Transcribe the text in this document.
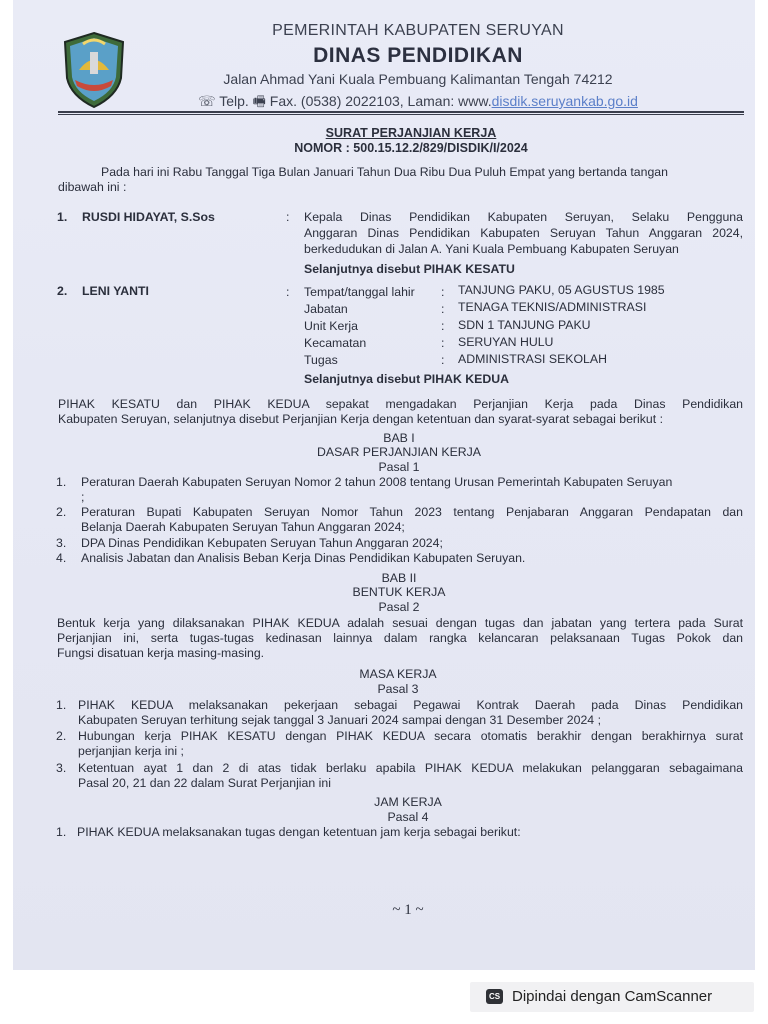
PEMERINTAH KABUPATEN SERUYAN
DINAS PENDIDIKAN
Jalan Ahmad Yani Kuala Pembuang Kalimantan Tengah 74212
☏ Telp. 🖷 Fax. (0538) 2022103, Laman: www.disdik.seruyankab.go.id
SURAT PERJANJIAN KERJA
NOMOR : 500.15.12.2/829/DISDIK/I/2024
Pada hari ini Rabu Tanggal Tiga Bulan Januari Tahun Dua Ribu Dua Puluh Empat yang bertanda tangan
dibawah ini :
1. RUSDI HIDAYAT, S.Sos	: Kepala Dinas Pendidikan Kabupaten Seruyan, Selaku Pengguna
Anggaran Dinas Pendidikan Kabupaten Seruyan Tahun Anggaran 2024,
berkedudukan di Jalan A. Yani Kuala Pembuang Kabupaten Seruyan
Selanjutnya disebut PIHAK KESATU
2. LENI YANTI	: Tempat/tanggal lahir : TANJUNG PAKU, 05 AGUSTUS 1985
Jabatan	: TENAGA TEKNIS/ADMINISTRASI
Unit Kerja	: SDN 1 TANJUNG PAKU
Kecamatan	: SERUYAN HULU
Tugas	: ADMINISTRASI SEKOLAH
Selanjutnya disebut PIHAK KEDUA
PIHAK KESATU dan PIHAK KEDUA sepakat mengadakan Perjanjian Kerja pada Dinas Pendidikan
Kabupaten Seruyan, selanjutnya disebut Perjanjian Kerja dengan ketentuan dan syarat-syarat sebagai berikut :
BAB I
DASAR PERJANJIAN KERJA
Pasal 1
1. Peraturan Daerah Kabupaten Seruyan Nomor 2 tahun 2008 tentang Urusan Pemerintah Kabupaten Seruyan
;
2. Peraturan Bupati Kabupaten Seruyan Nomor Tahun 2023 tentang Penjabaran Anggaran Pendapatan dan
Belanja Daerah Kabupaten Seruyan Tahun Anggaran 2024;
3. DPA Dinas Pendidikan Kebupaten Seruyan Tahun Anggaran 2024;
4. Analisis Jabatan dan Analisis Beban Kerja Dinas Pendidikan Kabupaten Seruyan.
BAB II
BENTUK KERJA
Pasal 2
Bentuk kerja yang dilaksanakan PIHAK KEDUA adalah sesuai dengan tugas dan jabatan yang tertera pada Surat
Perjanjian ini, serta tugas-tugas kedinasan lainnya dalam rangka kelancaran pelaksanaan Tugas Pokok dan
Fungsi disatuan kerja masing-masing.
MASA KERJA
Pasal 3
1. PIHAK KEDUA melaksanakan pekerjaan sebagai Pegawai Kontrak Daerah pada Dinas Pendidikan
Kabupaten Seruyan terhitung sejak tanggal 3 Januari 2024 sampai dengan 31 Desember 2024 ;
2. Hubungan kerja PIHAK KESATU dengan PIHAK KEDUA secara otomatis berakhir dengan berakhirnya surat
perjanjian kerja ini ;
3. Ketentuan ayat 1 dan 2 di atas tidak berlaku apabila PIHAK KEDUA melakukan pelanggaran sebagaimana
Pasal 20, 21 dan 22 dalam Surat Perjanjian ini
JAM KERJA
Pasal 4
1. PIHAK KEDUA melaksanakan tugas dengan ketentuan jam kerja sebagai berikut:
~ 1 ~
CS Dipindai dengan CamScanner
